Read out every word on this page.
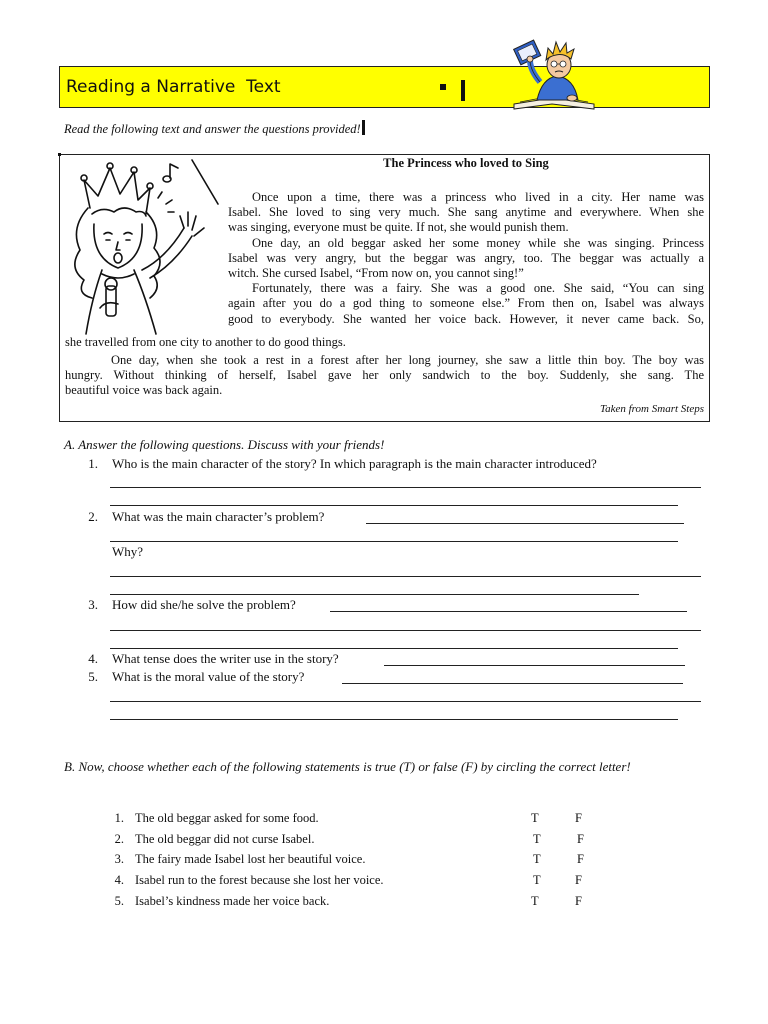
Reading a Narrative  Text
Read the following text and answer the questions provided!
The Princess who loved to Sing
Once upon a time, there was a princess who lived in a city. Her name was
Isabel. She loved to sing very much. She sang anytime and everywhere. When she
was singing, everyone must be quite. If not, she would punish them.
One day, an old beggar asked her some money while she was singing. Princess
Isabel was very angry, but the beggar was angry, too. The beggar was actually a
witch. She cursed Isabel, “From now on, you cannot sing!”
Fortunately, there was a fairy. She was a good one. She said, “You can sing
again after you do a god thing to someone else.” From then on, Isabel was always
good to everybody. She wanted her voice back. However, it never came back. So,
she travelled from one city to another to do good things.
One day, when she took a rest in a forest after her long journey, she saw a little thin boy. The boy was
hungry. Without thinking of herself, Isabel gave her only sandwich to the boy. Suddenly, she sang. The
beautiful voice was back again.
Taken from Smart Steps
A. Answer the following questions. Discuss with your friends!
1. Who is the main character of the story? In which paragraph is the main character introduced?
2. What was the main character’s problem?
Why?
3. How did she/he solve the problem?
4. What tense does the writer use in the story?
5. What is the moral value of the story?
B. Now, choose whether each of the following statements is true (T) or false (F) by circling the correct letter!
1. The old beggar asked for some food.	T	F
2. The old beggar did not curse Isabel.	T	F
3. The fairy made Isabel lost her beautiful voice.	T	F
4. Isabel run to the forest because she lost her voice.	T	F
5. Isabel’s kindness made her voice back.	T	F
